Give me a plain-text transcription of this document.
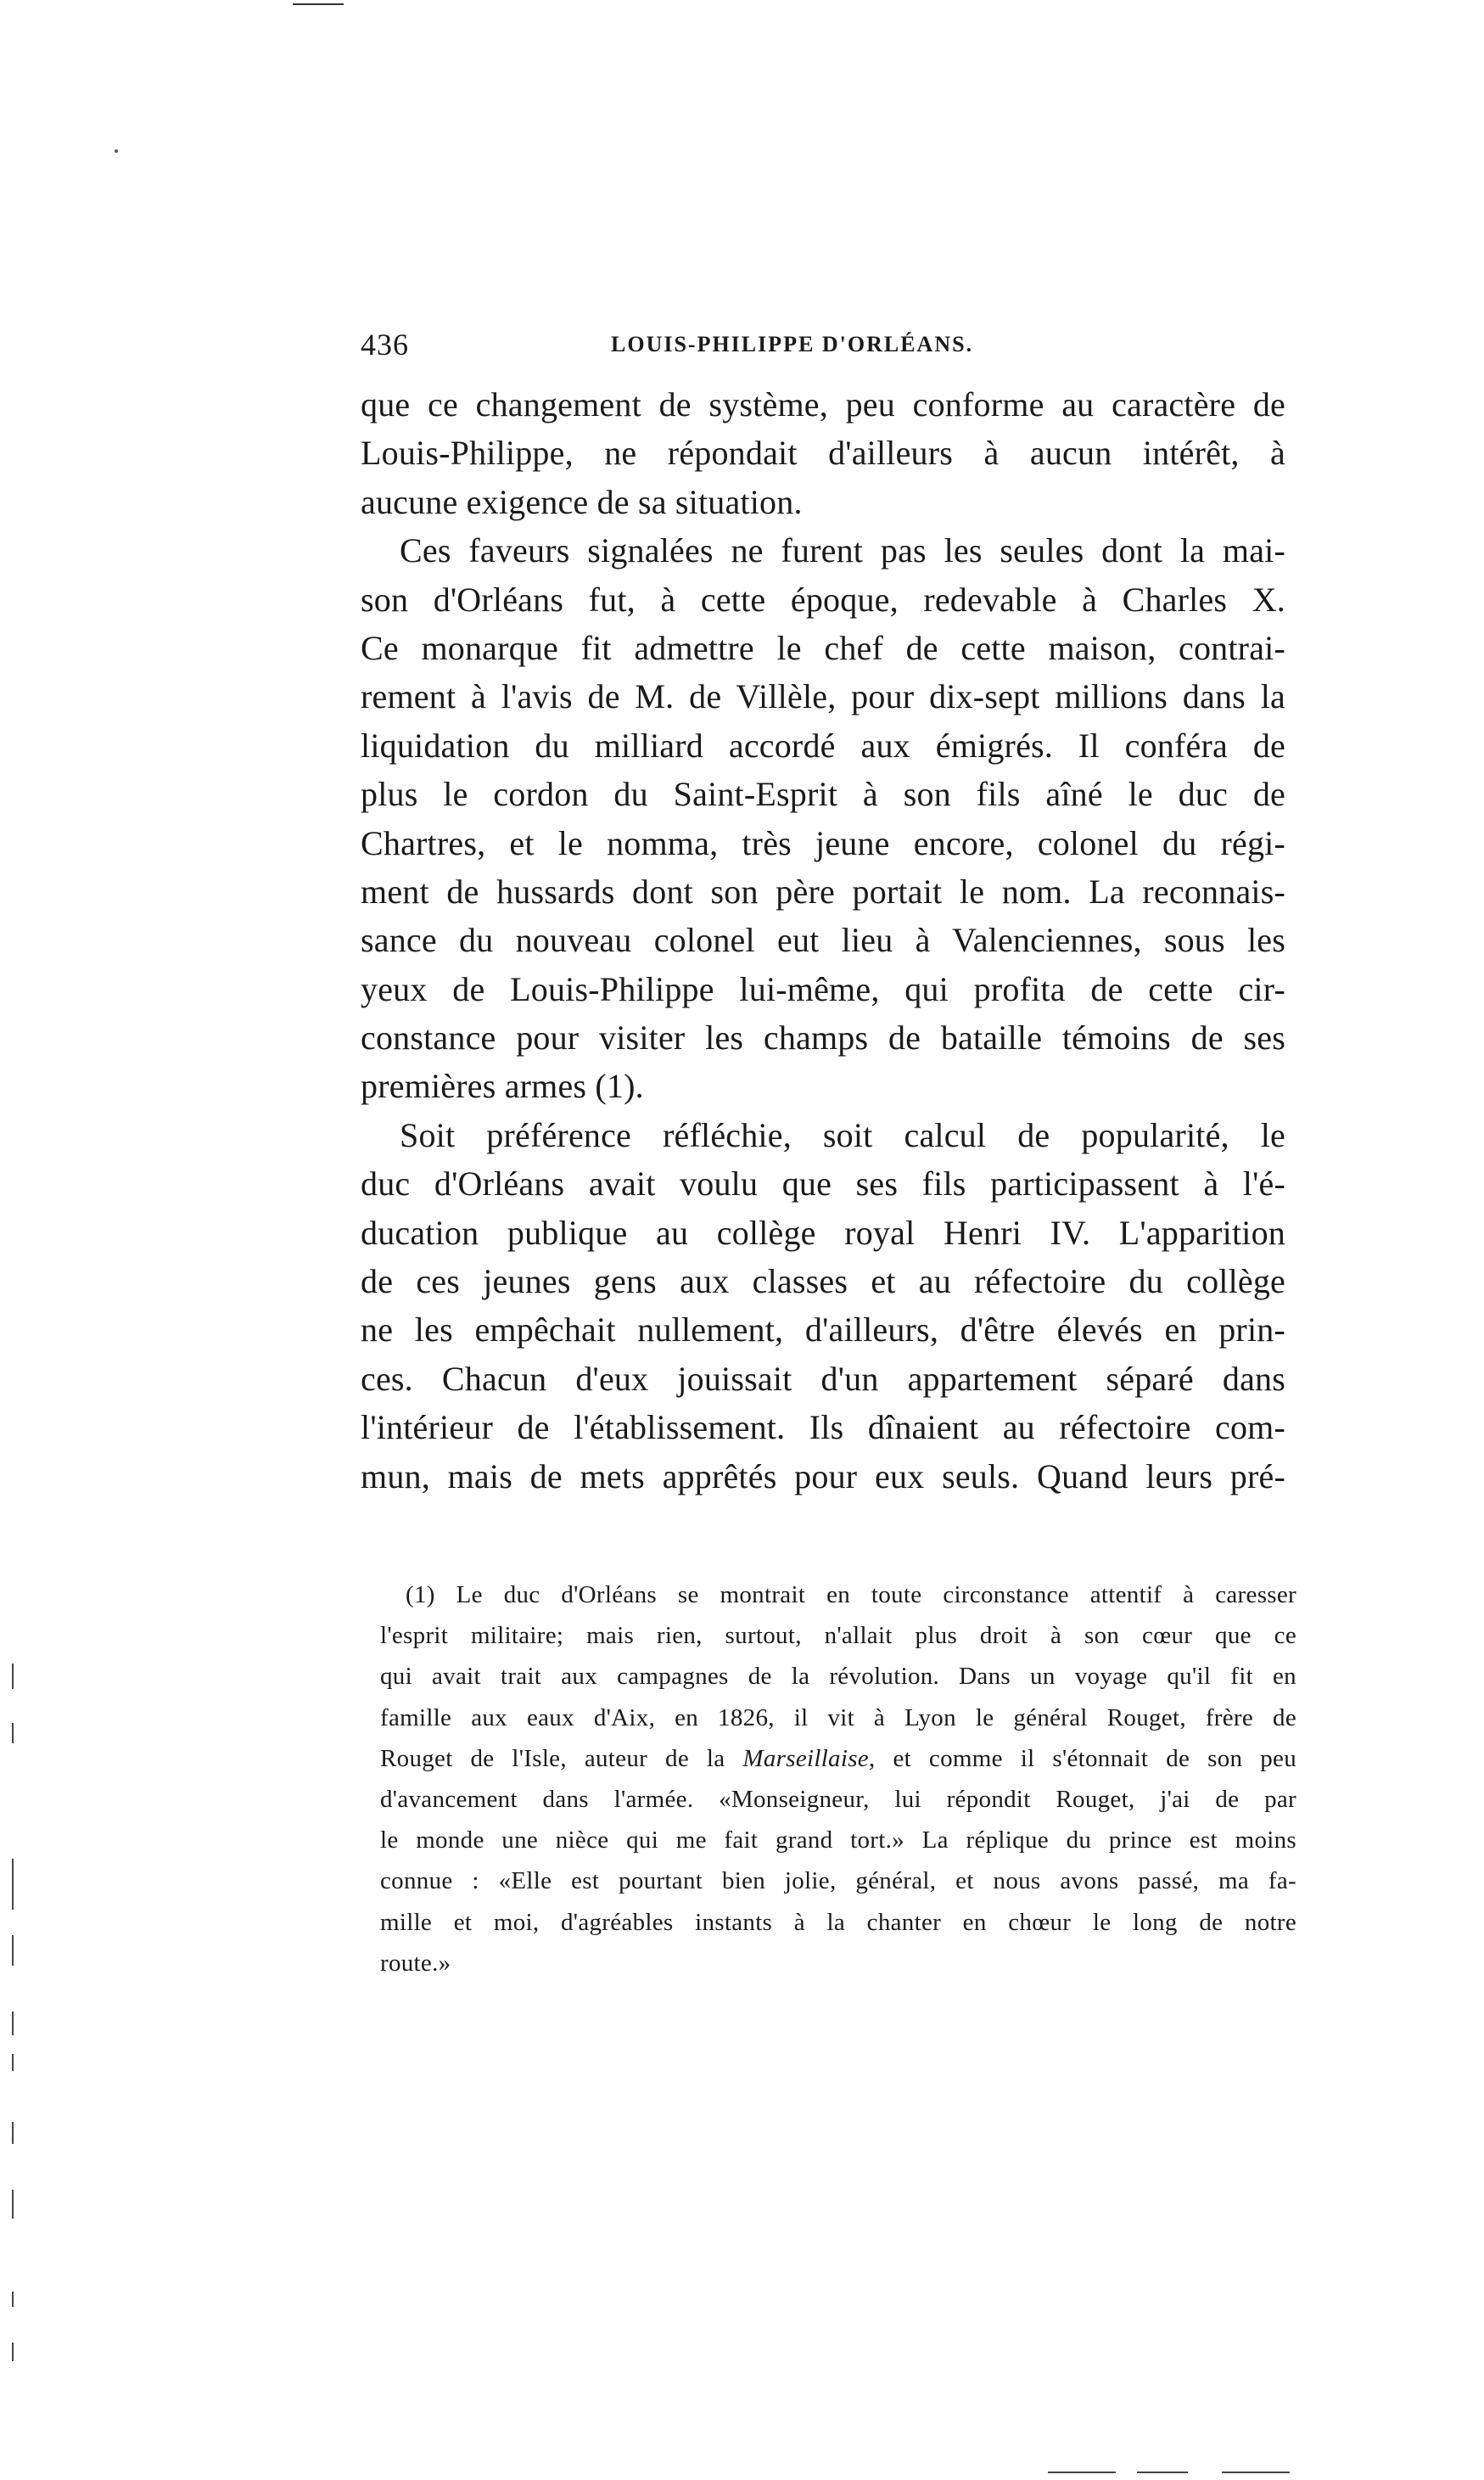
436	LOUIS-PHILIPPE D'ORLÉANS.
que ce changement de système, peu conforme au caractère de
Louis-Philippe, ne répondait d'ailleurs à aucun intérêt, à
aucune exigence de sa situation.
Ces faveurs signalées ne furent pas les seules dont la mai-
son d'Orléans fut, à cette époque, redevable à Charles X.
Ce monarque fit admettre le chef de cette maison, contrai-
rement à l'avis de M. de Villèle, pour dix-sept millions dans la
liquidation du milliard accordé aux émigrés. Il conféra de
plus le cordon du Saint-Esprit à son fils aîné le duc de
Chartres, et le nomma, très jeune encore, colonel du régi-
ment de hussards dont son père portait le nom. La reconnais-
sance du nouveau colonel eut lieu à Valenciennes, sous les
yeux de Louis-Philippe lui-même, qui profita de cette cir-
constance pour visiter les champs de bataille témoins de ses
premières armes (1).
Soit préférence réfléchie, soit calcul de popularité, le
duc d'Orléans avait voulu que ses fils participassent à l'é-
ducation publique au collège royal Henri IV. L'apparition
de ces jeunes gens aux classes et au réfectoire du collège
ne les empêchait nullement, d'ailleurs, d'être élevés en prin-
ces. Chacun d'eux jouissait d'un appartement séparé dans
l'intérieur de l'établissement. Ils dînaient au réfectoire com-
mun, mais de mets apprêtés pour eux seuls. Quand leurs pré-
(1) Le duc d'Orléans se montrait en toute circonstance attentif à caresser
l'esprit militaire; mais rien, surtout, n'allait plus droit à son cœur que ce
qui avait trait aux campagnes de la révolution. Dans un voyage qu'il fit en
famille aux eaux d'Aix, en 1826, il vit à Lyon le général Rouget, frère de
Rouget de l'Isle, auteur de la Marseillaise, et comme il s'étonnait de son peu
d'avancement dans l'armée. «Monseigneur, lui répondit Rouget, j'ai de par
le monde une nièce qui me fait grand tort.» La réplique du prince est moins
connue : «Elle est pourtant bien jolie, général, et nous avons passé, ma fa-
mille et moi, d'agréables instants à la chanter en chœur le long de notre
route.»
